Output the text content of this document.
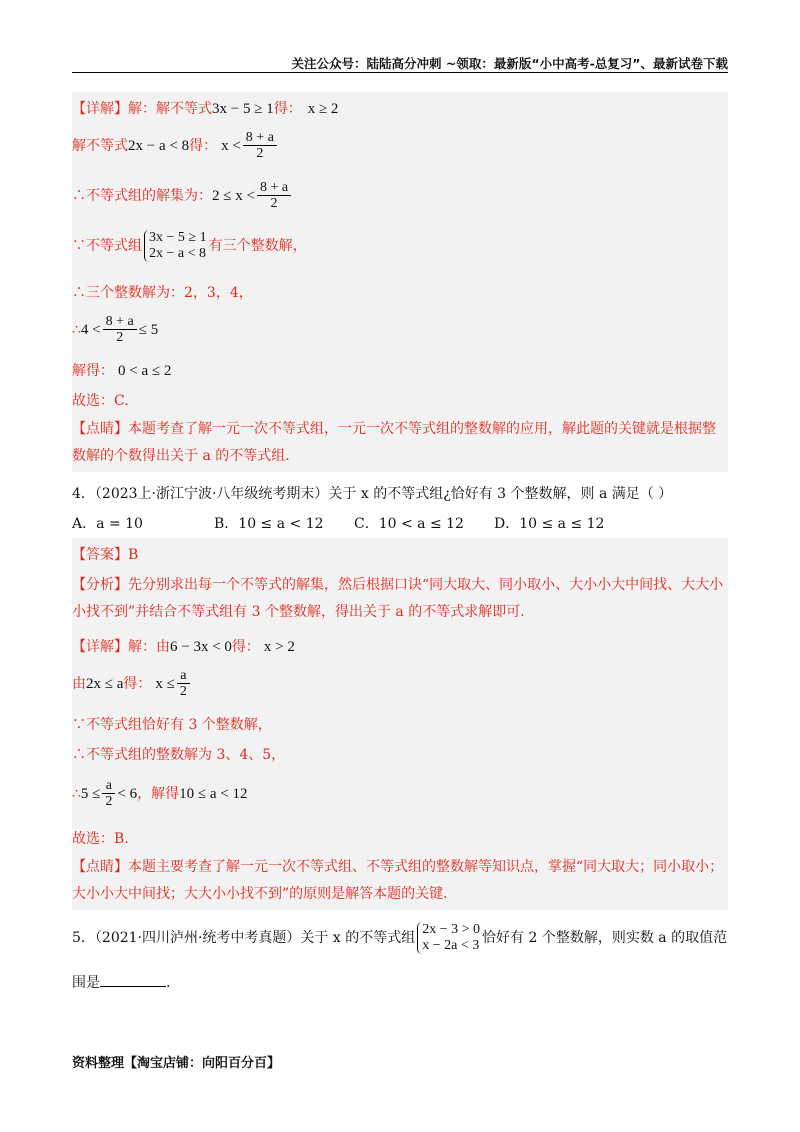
关注公众号：陆陆高分冲刺 ~领取：最新版“小中高考-总复习”、最新试卷下载
【详解】解：解不等式3x − 5 ≥ 1得： x ≥ 2
解不等式2x − a < 8得： $x < \frac{8 + a}{2}$
∴不等式组的解集为：$2 \le x < \frac{8 + a}{2}$
∵不等式组
3x − 5 ≥ 1
2x − a < 8 有三个整数解，
∴三个整数解为：2，3，4，
∴4 < $\frac{8 + a}{2} \le 5$
解得： 0 < a ≤ 2
故选：C.
【点睛】本题考查了解一元一次不等式组，一元一次不等式组的整数解的应用，解此题的关键就是根据整数解的个数得出关于 a 的不等式组.
4．（2023上·浙江宁波·八年级统考期末）关于 x 的不等式组¿恰好有 3 个整数解，则 a 满足（ ）
A．a = 10	B．10 ≤ a < 12 C．10 < a ≤ 12 D．10 ≤ a ≤ 12
【答案】B
【分析】先分别求出每一个不等式的解集，然后根据口诀“同大取大、同小取小、大小小大中间找、大大小小找不到”并结合不等式组有 3 个整数解，得出关于 a 的不等式求解即可.
【详解】解：由6 − 3x < 0得： x > 2
由2x ≤ a得： $x \le \frac{a}{2}$
∵不等式组恰好有 3 个整数解，
∴不等式组的整数解为 3、4、5，
∴5 ≤ $\frac{a}{2} < 6$，解得10 ≤ a < 12
故选：B.
【点睛】本题主要考查了解一元一次不等式组、不等式组的整数解等知识点，掌握“同大取大；同小取小；大小小大中间找；大大小小找不到”的原则是解答本题的关键.
5．（2021·四川泸州·统考中考真题）关于 x 的不等式组
2x − 3 > 0
x − 2a < 3 恰好有 2 个整数解，则实数 a 的取值范
围是	.
资料整理【淘宝店铺：向阳百分百】
